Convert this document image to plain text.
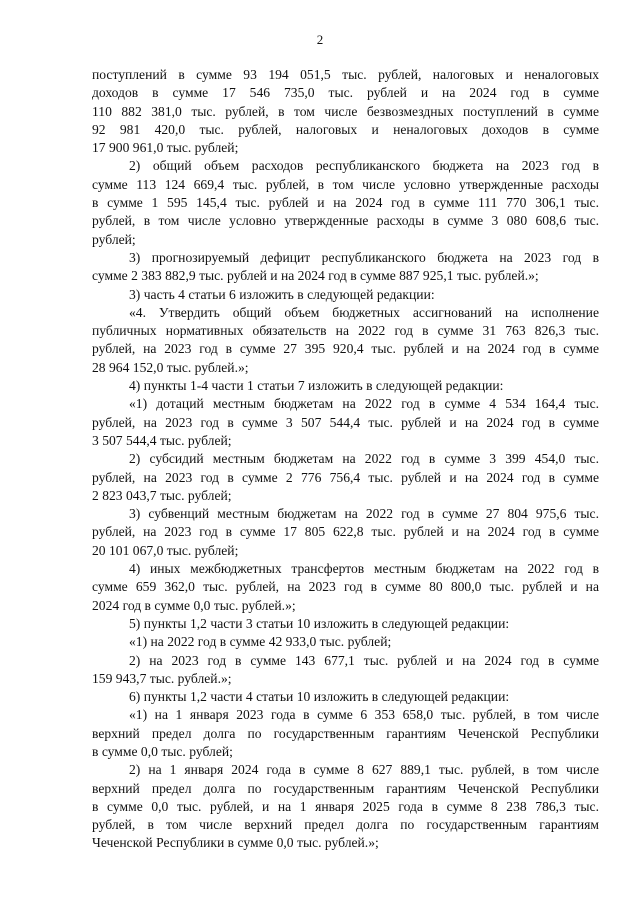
2
поступлений в сумме 93 194 051,5 тыс. рублей, налоговых и неналоговых
доходов в сумме 17 546 735,0 тыс. рублей и на 2024 год в сумме
110 882 381,0 тыс. рублей, в том числе безвозмездных поступлений в сумме
92 981 420,0 тыс. рублей, налоговых и неналоговых доходов в сумме
17 900 961,0 тыс. рублей;
2) общий объем расходов республиканского бюджета на 2023 год в
сумме 113 124 669,4 тыс. рублей, в том числе условно утвержденные расходы
в сумме 1 595 145,4 тыс. рублей и на 2024 год в сумме 111 770 306,1 тыс.
рублей, в том числе условно утвержденные расходы в сумме 3 080 608,6 тыс.
рублей;
3) прогнозируемый дефицит республиканского бюджета на 2023 год в
сумме 2 383 882,9 тыс. рублей и на 2024 год в сумме 887 925,1 тыс. рублей.»;
3) часть 4 статьи 6 изложить в следующей редакции:
«4. Утвердить общий объем бюджетных ассигнований на исполнение
публичных нормативных обязательств на 2022 год в сумме 31 763 826,3 тыс.
рублей, на 2023 год в сумме 27 395 920,4 тыс. рублей и на 2024 год в сумме
28 964 152,0 тыс. рублей.»;
4) пункты 1-4 части 1 статьи 7 изложить в следующей редакции:
«1) дотаций местным бюджетам на 2022 год в сумме 4 534 164,4 тыс.
рублей, на 2023 год в сумме 3 507 544,4 тыс. рублей и на 2024 год в сумме
3 507 544,4 тыс. рублей;
2) субсидий местным бюджетам на 2022 год в сумме 3 399 454,0 тыс.
рублей, на 2023 год в сумме 2 776 756,4 тыс. рублей и на 2024 год в сумме
2 823 043,7 тыс. рублей;
3) субвенций местным бюджетам на 2022 год в сумме 27 804 975,6 тыс.
рублей, на 2023 год в сумме 17 805 622,8 тыс. рублей и на 2024 год в сумме
20 101 067,0 тыс. рублей;
4) иных межбюджетных трансфертов местным бюджетам на 2022 год в
сумме 659 362,0 тыс. рублей, на 2023 год в сумме 80 800,0 тыс. рублей и на
2024 год в сумме 0,0 тыс. рублей.»;
5) пункты 1,2 части 3 статьи 10 изложить в следующей редакции:
«1) на 2022 год в сумме 42 933,0 тыс. рублей;
2) на 2023 год в сумме 143 677,1 тыс. рублей и на 2024 год в сумме
159 943,7 тыс. рублей.»;
6) пункты 1,2 части 4 статьи 10 изложить в следующей редакции:
«1) на 1 января 2023 года в сумме 6 353 658,0 тыс. рублей, в том числе
верхний предел долга по государственным гарантиям Чеченской Республики
в сумме 0,0 тыс. рублей;
2) на 1 января 2024 года в сумме 8 627 889,1 тыс. рублей, в том числе
верхний предел долга по государственным гарантиям Чеченской Республики
в сумме 0,0 тыс. рублей, и на 1 января 2025 года в сумме 8 238 786,3 тыс.
рублей, в том числе верхний предел долга по государственным гарантиям
Чеченской Республики в сумме 0,0 тыс. рублей.»;
